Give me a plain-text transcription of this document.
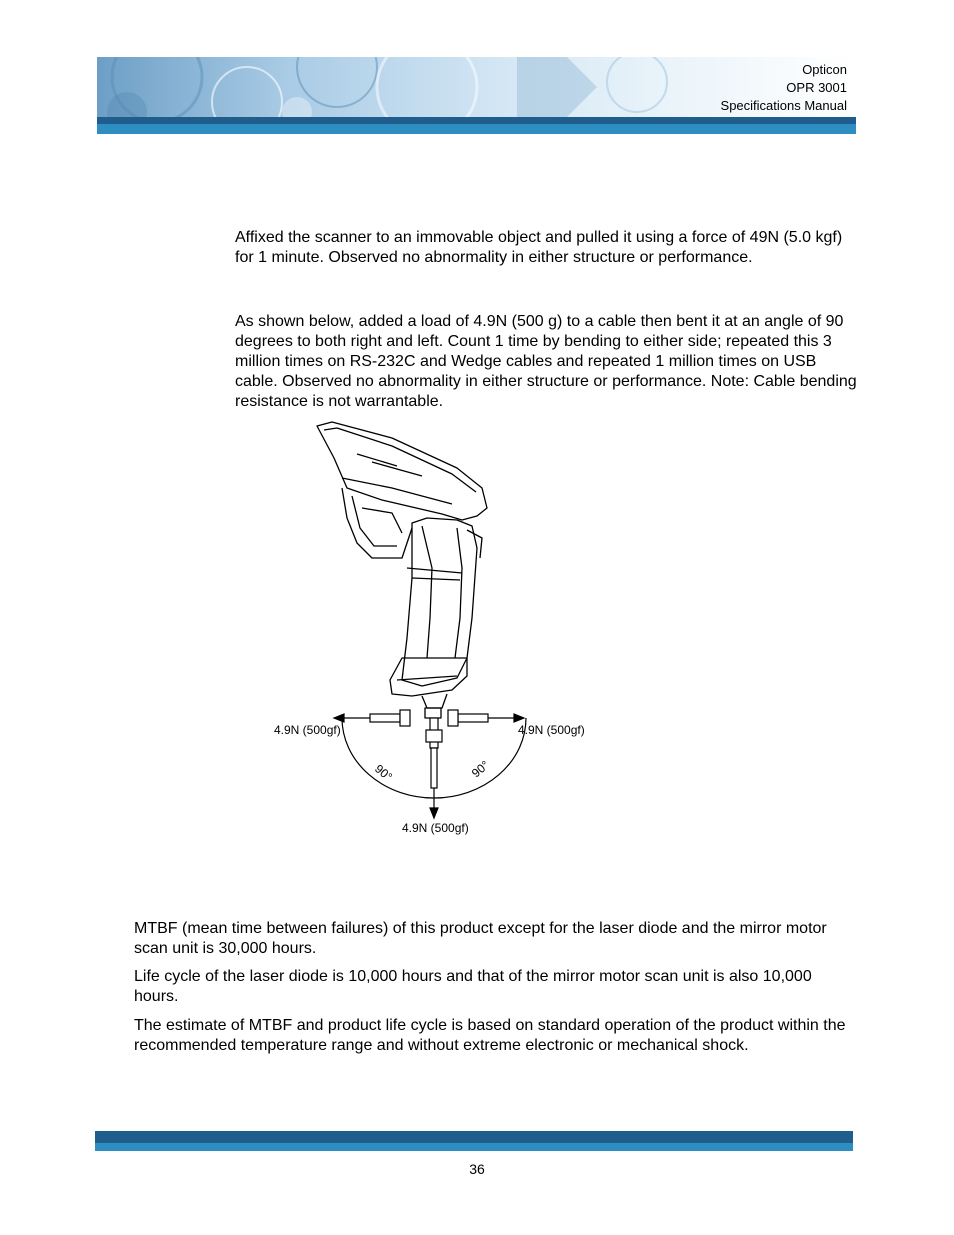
Opticon
OPR 3001
Specifications Manual

Affixed the scanner to an immovable object and pulled it using a force of 49N (5.0 kgf) for 1 minute. Observed no abnormality in either structure or performance.

As shown below, added a load of 4.9N (500 g) to a cable then bent it at an angle of 90 degrees to both right and left. Count 1 time by bending to either side; repeated this 3 million times on RS-232C and Wedge cables and repeated 1 million times on USB cable. Observed no abnormality in either structure or performance. Note: Cable bending resistance is not warrantable.

4.9N (500gf)	4.9N (500gf)
4.9N (500gf)
90°	90°

MTBF (mean time between failures) of this product except for the laser diode and the mirror motor scan unit is 30,000 hours.

Life cycle of the laser diode is 10,000 hours and that of the mirror motor scan unit is also 10,000 hours.

The estimate of MTBF and product life cycle is based on standard operation of the product within the recommended temperature range and without extreme electronic or mechanical shock.

36
